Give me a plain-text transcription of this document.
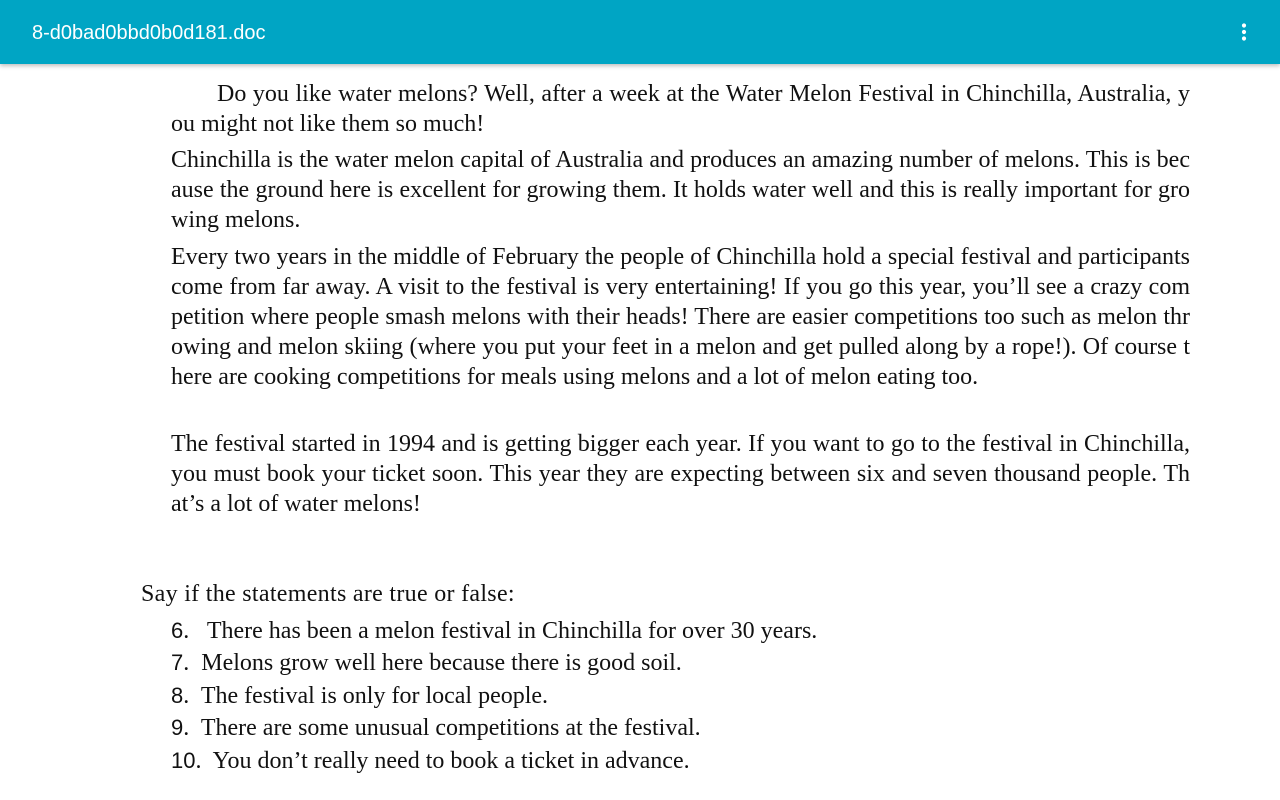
Do you like water melons? Well, after a week at the Water Melon Festival in Chinchilla, Australia, you might not like them so much!

Chinchilla is the water melon capital of Australia and produces an amazing number of melons. This is because the ground here is excellent for growing them. It holds water well and this is really important for growing melons.

Every two years in the middle of February the people of Chinchilla hold a special festival and participants come from far away. A visit to the festival is very entertaining! If you go this year, you’ll see a crazy competition where people smash melons with their heads! There are easier competitions too such as melon throwing and melon skiing (where you put your feet in a melon and get pulled along by a rope!). Of course there are cooking competitions for meals using melons and a lot of melon eating too.

The festival started in 1994 and is getting bigger each year. If you want to go to the festival in Chinchilla, you must book your ticket soon. This year they are expecting between six and seven thousand people. That’s a lot of water melons!

Say if the statements are true or false:

6.   There has been a melon festival in Chinchilla for over 30 years.
7.  Melons grow well here because there is good soil.
8.  The festival is only for local people.
9.  There are some unusual competitions at the festival.
10.  You don’t really need to book a ticket in advance.
8-d0bad0bbd0b0d181.doc
